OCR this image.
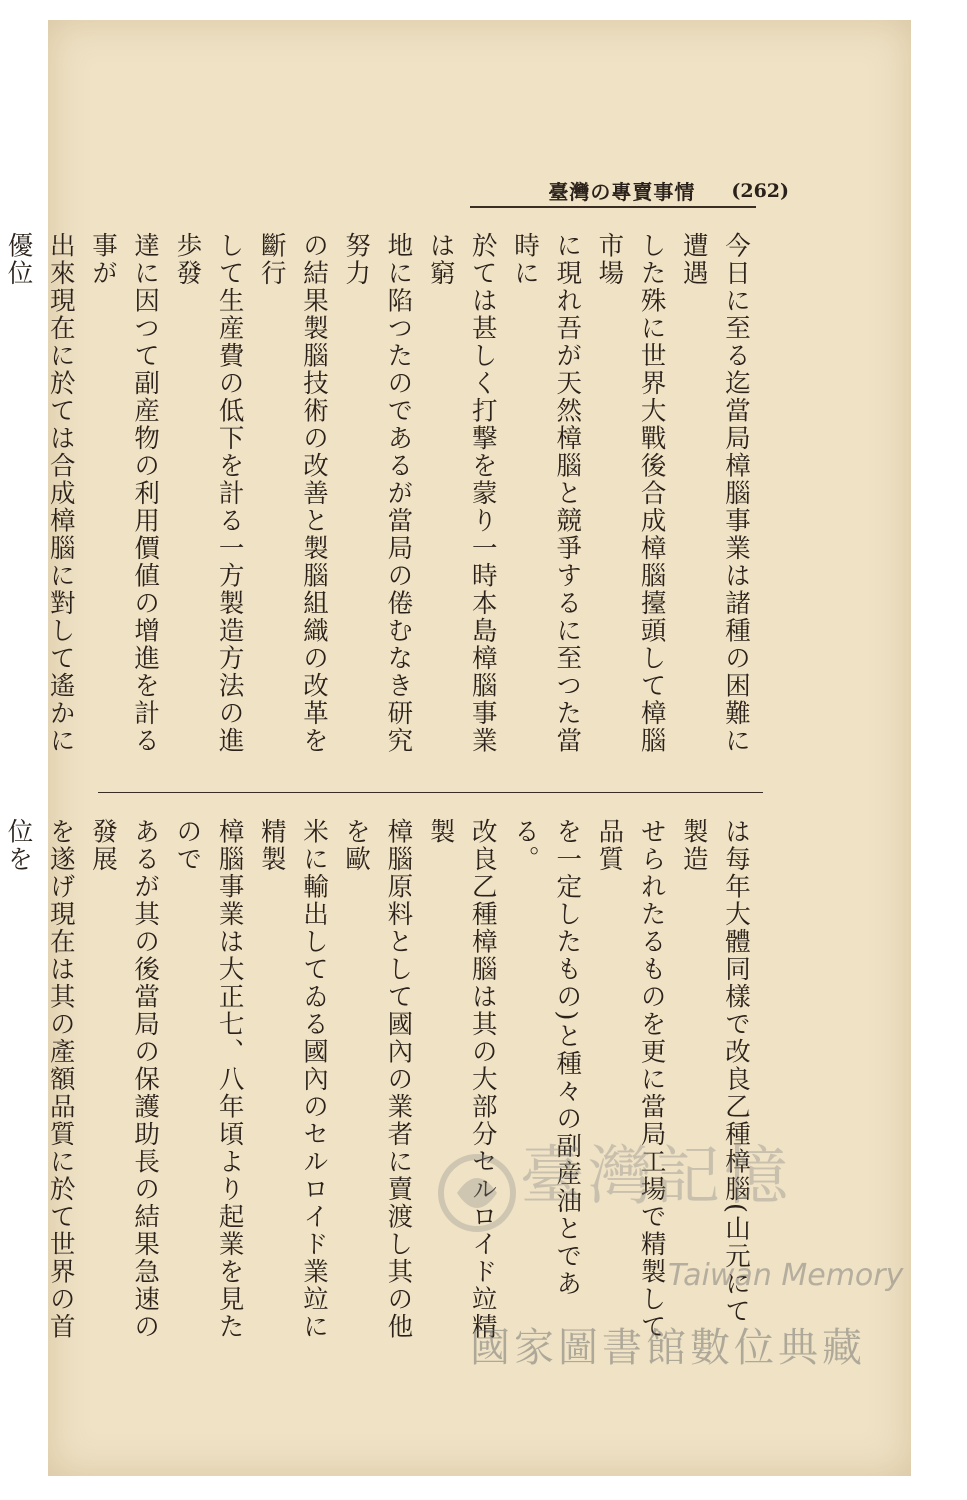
臺灣の專賣事情 (262)

今日に至る迄當局樟腦事業は諸種の困難に遭遇

した殊に世界大戰後合成樟腦擡頭して樟腦市場

に現れ吾が天然樟腦と競爭するに至つた當時に

於ては甚しく打撃を蒙り一時本島樟腦事業は窮

地に陷つたのであるが當局の倦むなき研究努力

の結果製腦技術の改善と製腦組織の改革を斷行

して生産費の低下を計る一方製造方法の進歩發

達に因つて副産物の利用價値の增進を計る事が

出來現在に於ては合成樟腦に對して遙かに優位

は每年大體同樣で改良乙種樟腦(山元にて製造

せられたるものを更に當局工場で精製して品質

を一定したもの)と種々の副産油とである。

改良乙種樟腦は其の大部分セルロイド竝精製

樟腦原料として國內の業者に賣渡し其の他を歐

米に輸出してゐる國內のセルロイド業竝に精製

樟腦事業は大正七、八年頃より起業を見たので

あるが其の後當局の保護助長の結果急速の發展

を遂げ現在は其の產額品質に於て世界の首位を

臺灣記憶
Taiwan Memory
國家圖書館數位典藏
